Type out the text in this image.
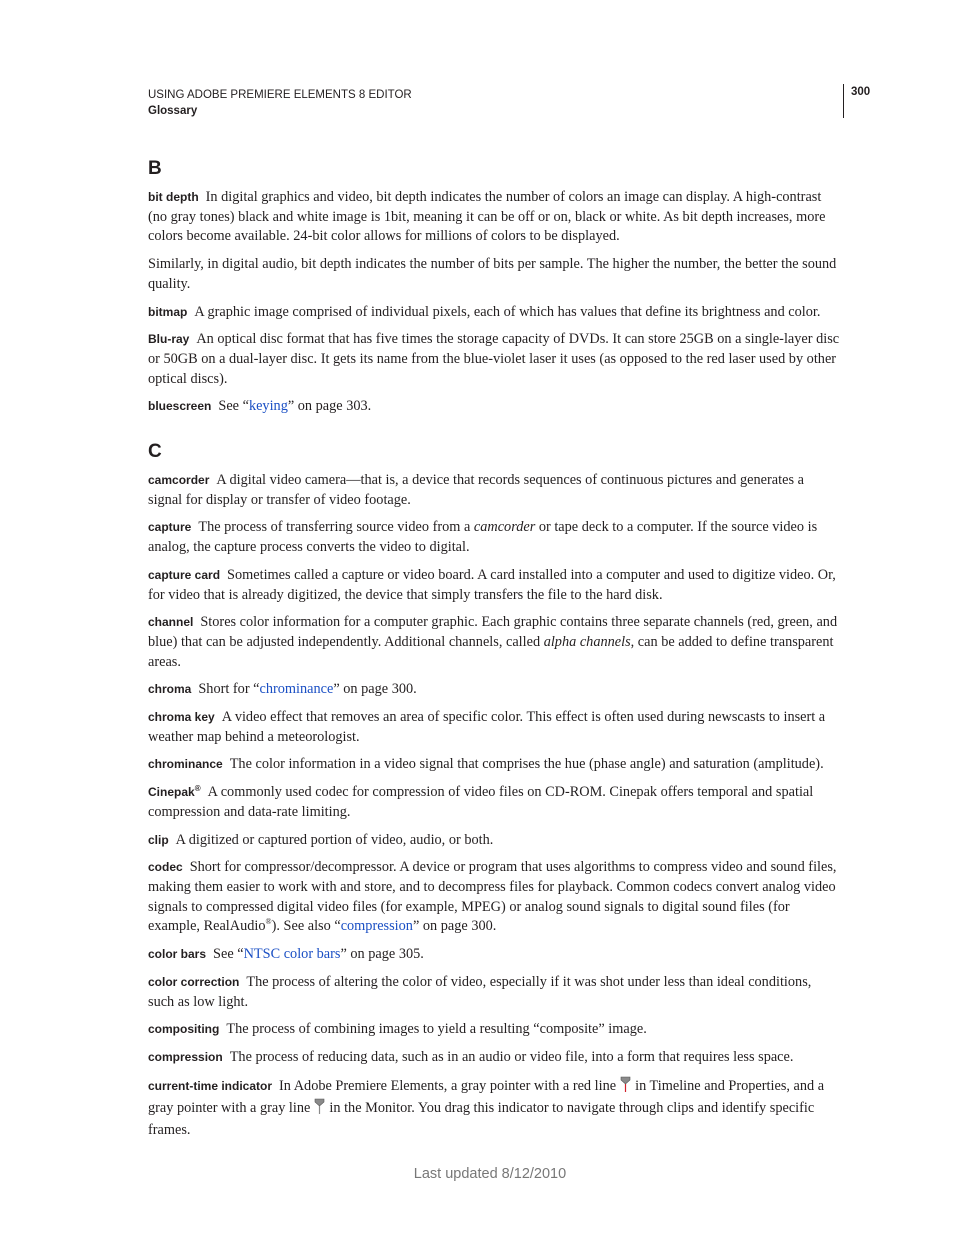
USING ADOBE PREMIERE ELEMENTS 8 EDITOR
Glossary
300
B

bit depth In digital graphics and video, bit depth indicates the number of colors an image can display. A high-contrast (no gray tones) black and white image is 1bit, meaning it can be off or on, black or white. As bit depth increases, more colors become available. 24-bit color allows for millions of colors to be displayed.

Similarly, in digital audio, bit depth indicates the number of bits per sample. The higher the number, the better the sound quality.

bitmap A graphic image comprised of individual pixels, each of which has values that define its brightness and color.

Blu-ray An optical disc format that has five times the storage capacity of DVDs. It can store 25GB on a single-layer disc or 50GB on a dual-layer disc. It gets its name from the blue-violet laser it uses (as opposed to the red laser used by other optical discs).

bluescreen See “keying” on page 303.

C

camcorder A digital video camera—that is, a device that records sequences of continuous pictures and generates a signal for display or transfer of video footage.

capture The process of transferring source video from a camcorder or tape deck to a computer. If the source video is analog, the capture process converts the video to digital.

capture card Sometimes called a capture or video board. A card installed into a computer and used to digitize video. Or, for video that is already digitized, the device that simply transfers the file to the hard disk.

channel Stores color information for a computer graphic. Each graphic contains three separate channels (red, green, and blue) that can be adjusted independently. Additional channels, called alpha channels, can be added to define transparent areas.

chroma Short for “chrominance” on page 300.

chroma key A video effect that removes an area of specific color. This effect is often used during newscasts to insert a weather map behind a meteorologist.

chrominance The color information in a video signal that comprises the hue (phase angle) and saturation (amplitude).

Cinepak® A commonly used codec for compression of video files on CD-ROM. Cinepak offers temporal and spatial compression and data-rate limiting.

clip A digitized or captured portion of video, audio, or both.

codec Short for compressor/decompressor. A device or program that uses algorithms to compress video and sound files, making them easier to work with and store, and to decompress files for playback. Common codecs convert analog video signals to compressed digital video files (for example, MPEG) or analog sound signals to digital sound files (for example, RealAudio®). See also “compression” on page 300.

color bars See “NTSC color bars” on page 305.

color correction The process of altering the color of video, especially if it was shot under less than ideal conditions, such as low light.

compositing The process of combining images to yield a resulting “composite” image.

compression The process of reducing data, such as in an audio or video file, into a form that requires less space.

current-time indicator In Adobe Premiere Elements, a gray pointer with a red line in Timeline and Properties, and a gray pointer with a gray line in the Monitor. You drag this indicator to navigate through clips and identify specific frames.

Last updated 8/12/2010
